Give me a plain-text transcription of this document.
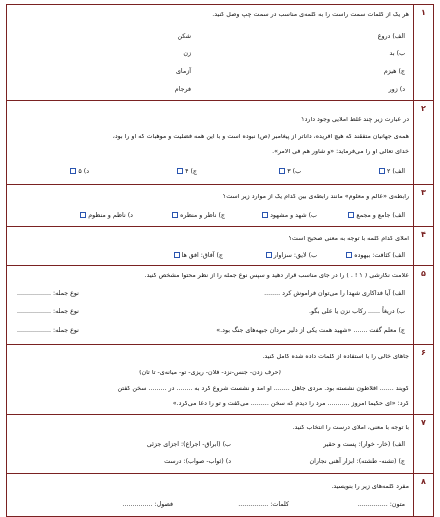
۱
هر یک از کلمات سمت راست را به کلمه‌ی مناسب در سمت چپ وصل کنید.
الف) دروغ
ب) بد
ج) هیزم
د) زور
شکن
زن
آزمای
فرجام
۲
در عبارت زیر چند غلط املایی وجود دارد؟
همه‌ی جهانیان متفقند که هیچ آفریده، داناتر از پیغامبر (ص) نبوده است و با این همه فضلیت و موهبات که او را بود،
خدای تعالی او را می‌فرماید: «و شاور هم فی الامر».
الف) ۲
ب) ۳
ج) ۴
د) ۵
۳
رابطه‌ی «عالم و معلوم» مانند رابطه‌ی بین کدام یک از موارد زیر است؟
الف) جامع و مجمع
ب) شهد و مشهود
ج) ناظر و منظره
د) ناظم و منظوم
۴
املای کدام کلمه با توجه به معنی صحیح است؟
الف) کثافت: بیهوده
ب) لایق: سزاوار
ج) آفاق: افق ها
۵
علامت نگارشی ( ؟ ! . ) را در جای مناسب قرار دهید و سپس نوع جمله را از نظر محتوا مشخص کنید.
الف) آیا فداکاری شهدا را می‌توان فراموش کرد ........
نوع جمله: .................
ب) دریغاً ...... رکاب نزن یا علی بگو.
نوع جمله: .................
ج) معلم گفت ....... «شهید همت یکی از دلیر مردان جبهه‌های جنگ بود.»
نوع جمله: .................
۶
جاهای خالی را با استفاده از کلمات داده شده کامل کنید.
(حرف زدن- جنس-نزد- فلان- ریزی- تو- میانه‌ی- تا تان)
گویند ....... افلاطون نشسته بود. مردی جاهل ........ او آمد و نشست شروع کرد به ........ در ......... سخن گفتن
کرد: «ای حکیما امروز ........... مرد را دیدم که سخن ......... می‌گفت و تو را دعا می‌کرد.»
۷
با توجه با معنی، املای درست را انتخاب کنید.
الف) (خار- خوار): پست و حقیر
ب) (ابراق- اجراع): اجزای جزئی
ج) (تشنه- طشته): ابزار آهنی نجاران
د) (ثواب- صواب): درست
۸
مفرد کلمه‌های زیر را بنویسید.
متون: ...............
کلمات: ...............
فصول: ...............
